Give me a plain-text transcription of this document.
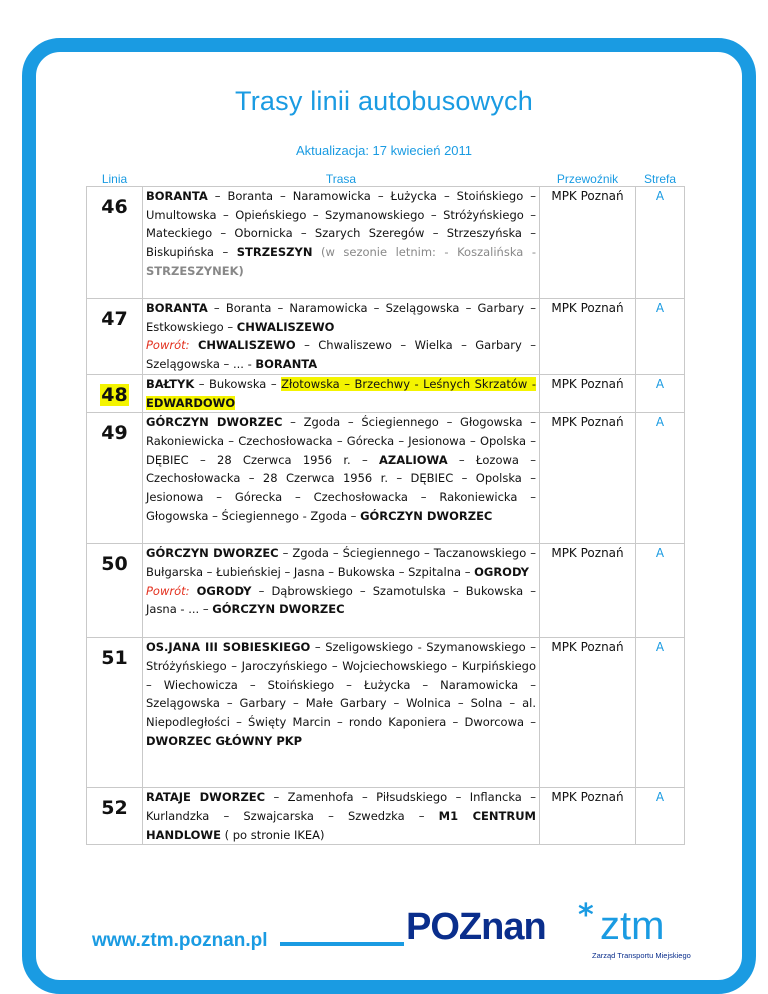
Trasy linii autobusowych
Aktualizacja: 17 kwiecień 2011
Linia	Trasa	Przewoźnik	Strefa
46	BORANTA – Boranta – Naramowicka – Łużycka – Stoińskiego – Umultowska – Opieńskiego – Szymanowskiego – Stróżyńskiego – Mateckiego – Obornicka – Szarych Szeregów – Strzeszyńska – Biskupińska – STRZESZYN (w sezonie letnim: - Koszalińska - STRZESZYNEK)	MPK Poznań	A
47	BORANTA – Boranta – Naramowicka – Szelągowska – Garbary – Estkowskiego – CHWALISZEWO
Powrót: CHWALISZEWO – Chwaliszewo – Wielka – Garbary – Szelągowska – ... - BORANTA	MPK Poznań	A
48	BAŁTYK – Bukowska – Złotowska – Brzechwy - Leśnych Skrzatów - EDWARDOWO	MPK Poznań	A
49	GÓRCZYN DWORZEC – Zgoda – Ściegiennego – Głogowska – Rakoniewicka – Czechosłowacka – Górecka – Jesionowa – Opolska – DĘBIEC – 28 Czerwca 1956 r. – AZALIOWA – Łozowa – Czechosłowacka – 28 Czerwca 1956 r. – DĘBIEC – Opolska – Jesionowa – Górecka – Czechosłowacka – Rakoniewicka – Głogowska – Ściegiennego - Zgoda – GÓRCZYN DWORZEC	MPK Poznań	A
50	GÓRCZYN DWORZEC – Zgoda – Ściegiennego – Taczanowskiego – Bułgarska – Łubieńskiej – Jasna – Bukowska – Szpitalna – OGRODY
Powrót: OGRODY – Dąbrowskiego – Szamotulska – Bukowska – Jasna - ... – GÓRCZYN DWORZEC	MPK Poznań	A
51	OS.JANA III SOBIESKIEGO – Szeligowskiego - Szymanowskiego – Stróżyńskiego – Jaroczyńskiego – Wojciechowskiego – Kurpińskiego – Wiechowicza – Stoińskiego – Łużycka – Naramowicka – Szelągowska – Garbary – Małe Garbary – Wolnica – Solna – al. Niepodległości – Święty Marcin – rondo Kaponiera – Dworcowa – DWORZEC GŁÓWNY PKP	MPK Poznań	A
52	RATAJE DWORZEC – Zamenhofa – Piłsudskiego – Inflancka – Kurlandzka – Szwajcarska – Szwedzka – M1 CENTRUM HANDLOWE ( po stronie IKEA)	MPK Poznań	A
www.ztm.poznan.pl	POZnan * ztm
Zarząd Transportu Miejskiego
